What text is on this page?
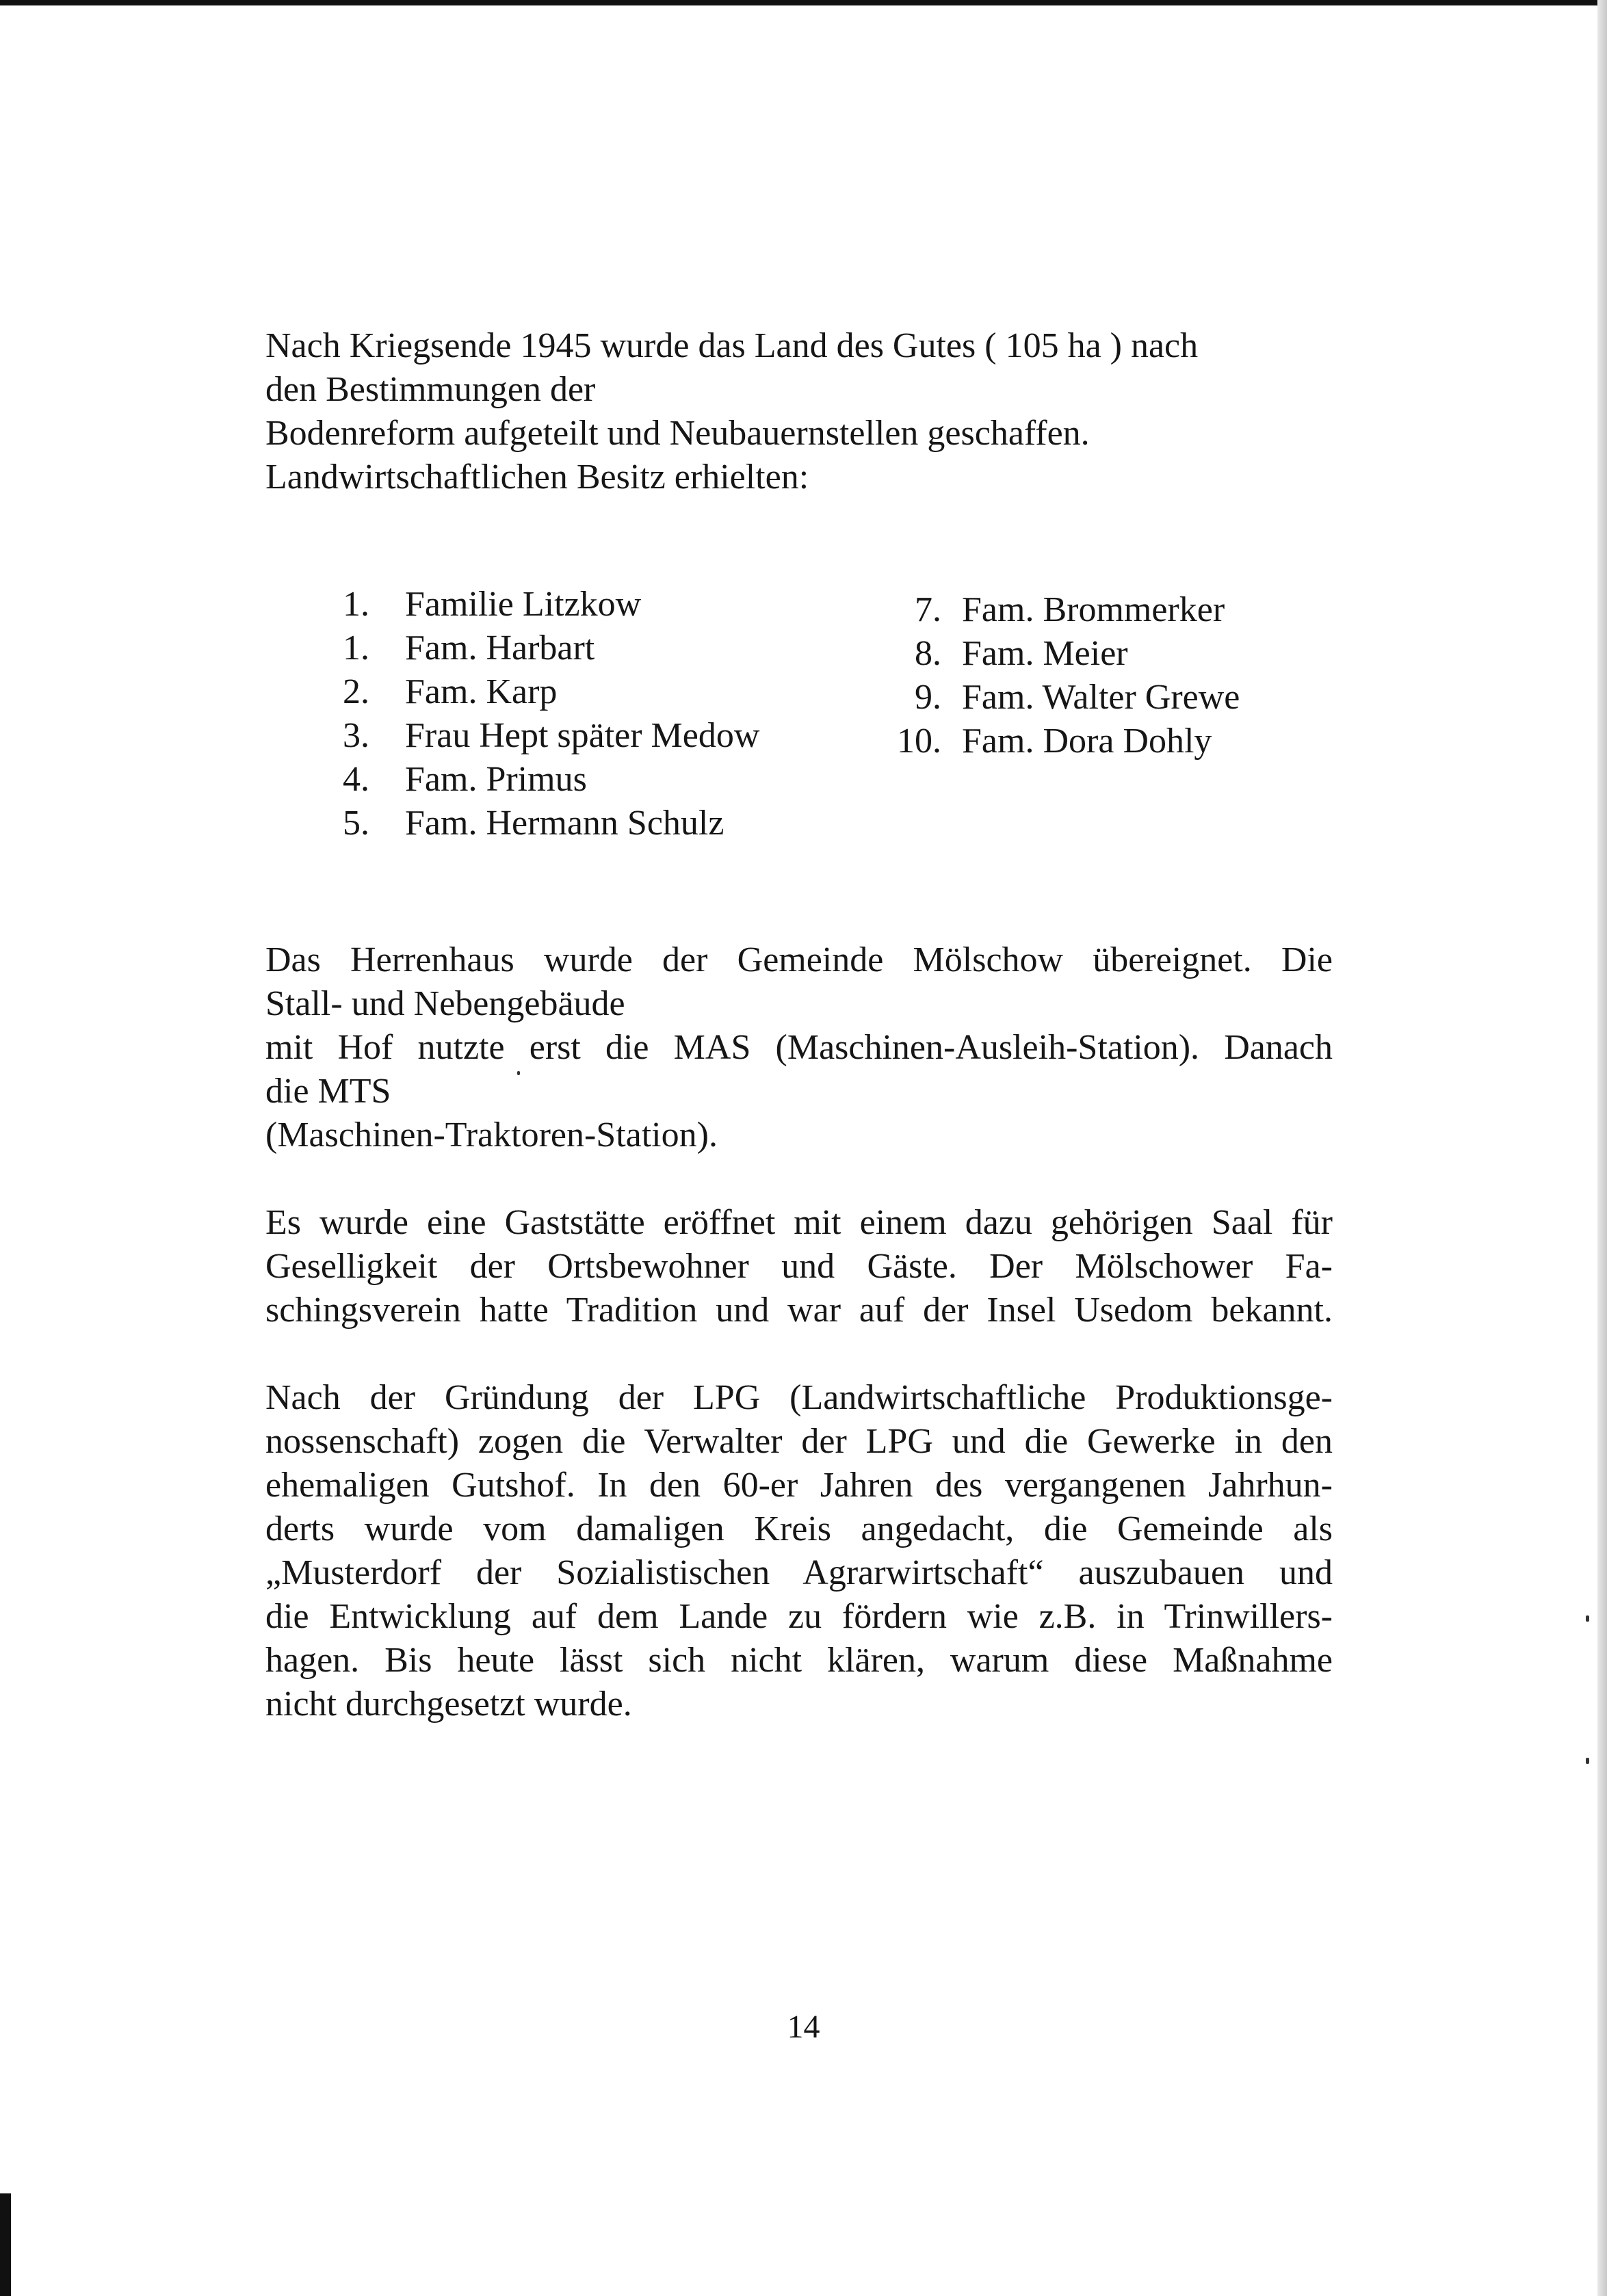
Nach Kriegsende 1945 wurde das Land des Gutes ( 105 ha ) nach
den Bestimmungen der
Bodenreform aufgeteilt und Neubauernstellen geschaffen.
Landwirtschaftlichen Besitz erhielten:
1. Familie Litzkow
1. Fam. Harbart
2. Fam. Karp
3. Frau Hept später Medow
4. Fam. Primus
5. Fam. Hermann Schulz
7. Fam. Brommerker
8. Fam. Meier
9. Fam. Walter Grewe
10. Fam. Dora Dohly
Das Herrenhaus wurde der Gemeinde Mölschow übereignet. Die
Stall- und Nebengebäude
mit Hof nutzte erst die MAS (Maschinen-Ausleih-Station). Danach
die MTS
(Maschinen-Traktoren-Station).
Es wurde eine Gaststätte eröffnet mit einem dazu gehörigen Saal für
Geselligkeit der Ortsbewohner und Gäste. Der Mölschower Fa-
schingsverein hatte Tradition und war auf der Insel Usedom bekannt.
Nach der Gründung der LPG (Landwirtschaftliche Produktionsge-
nossenschaft) zogen die Verwalter der LPG und die Gewerke in den
ehemaligen Gutshof. In den 60-er Jahren des vergangenen Jahrhun-
derts wurde vom damaligen Kreis angedacht, die Gemeinde als
„Musterdorf der Sozialistischen Agrarwirtschaft“ auszubauen und
die Entwicklung auf dem Lande zu fördern wie z.B. in Trinwillers-
hagen. Bis heute lässt sich nicht klären, warum diese Maßnahme
nicht durchgesetzt wurde.
14
